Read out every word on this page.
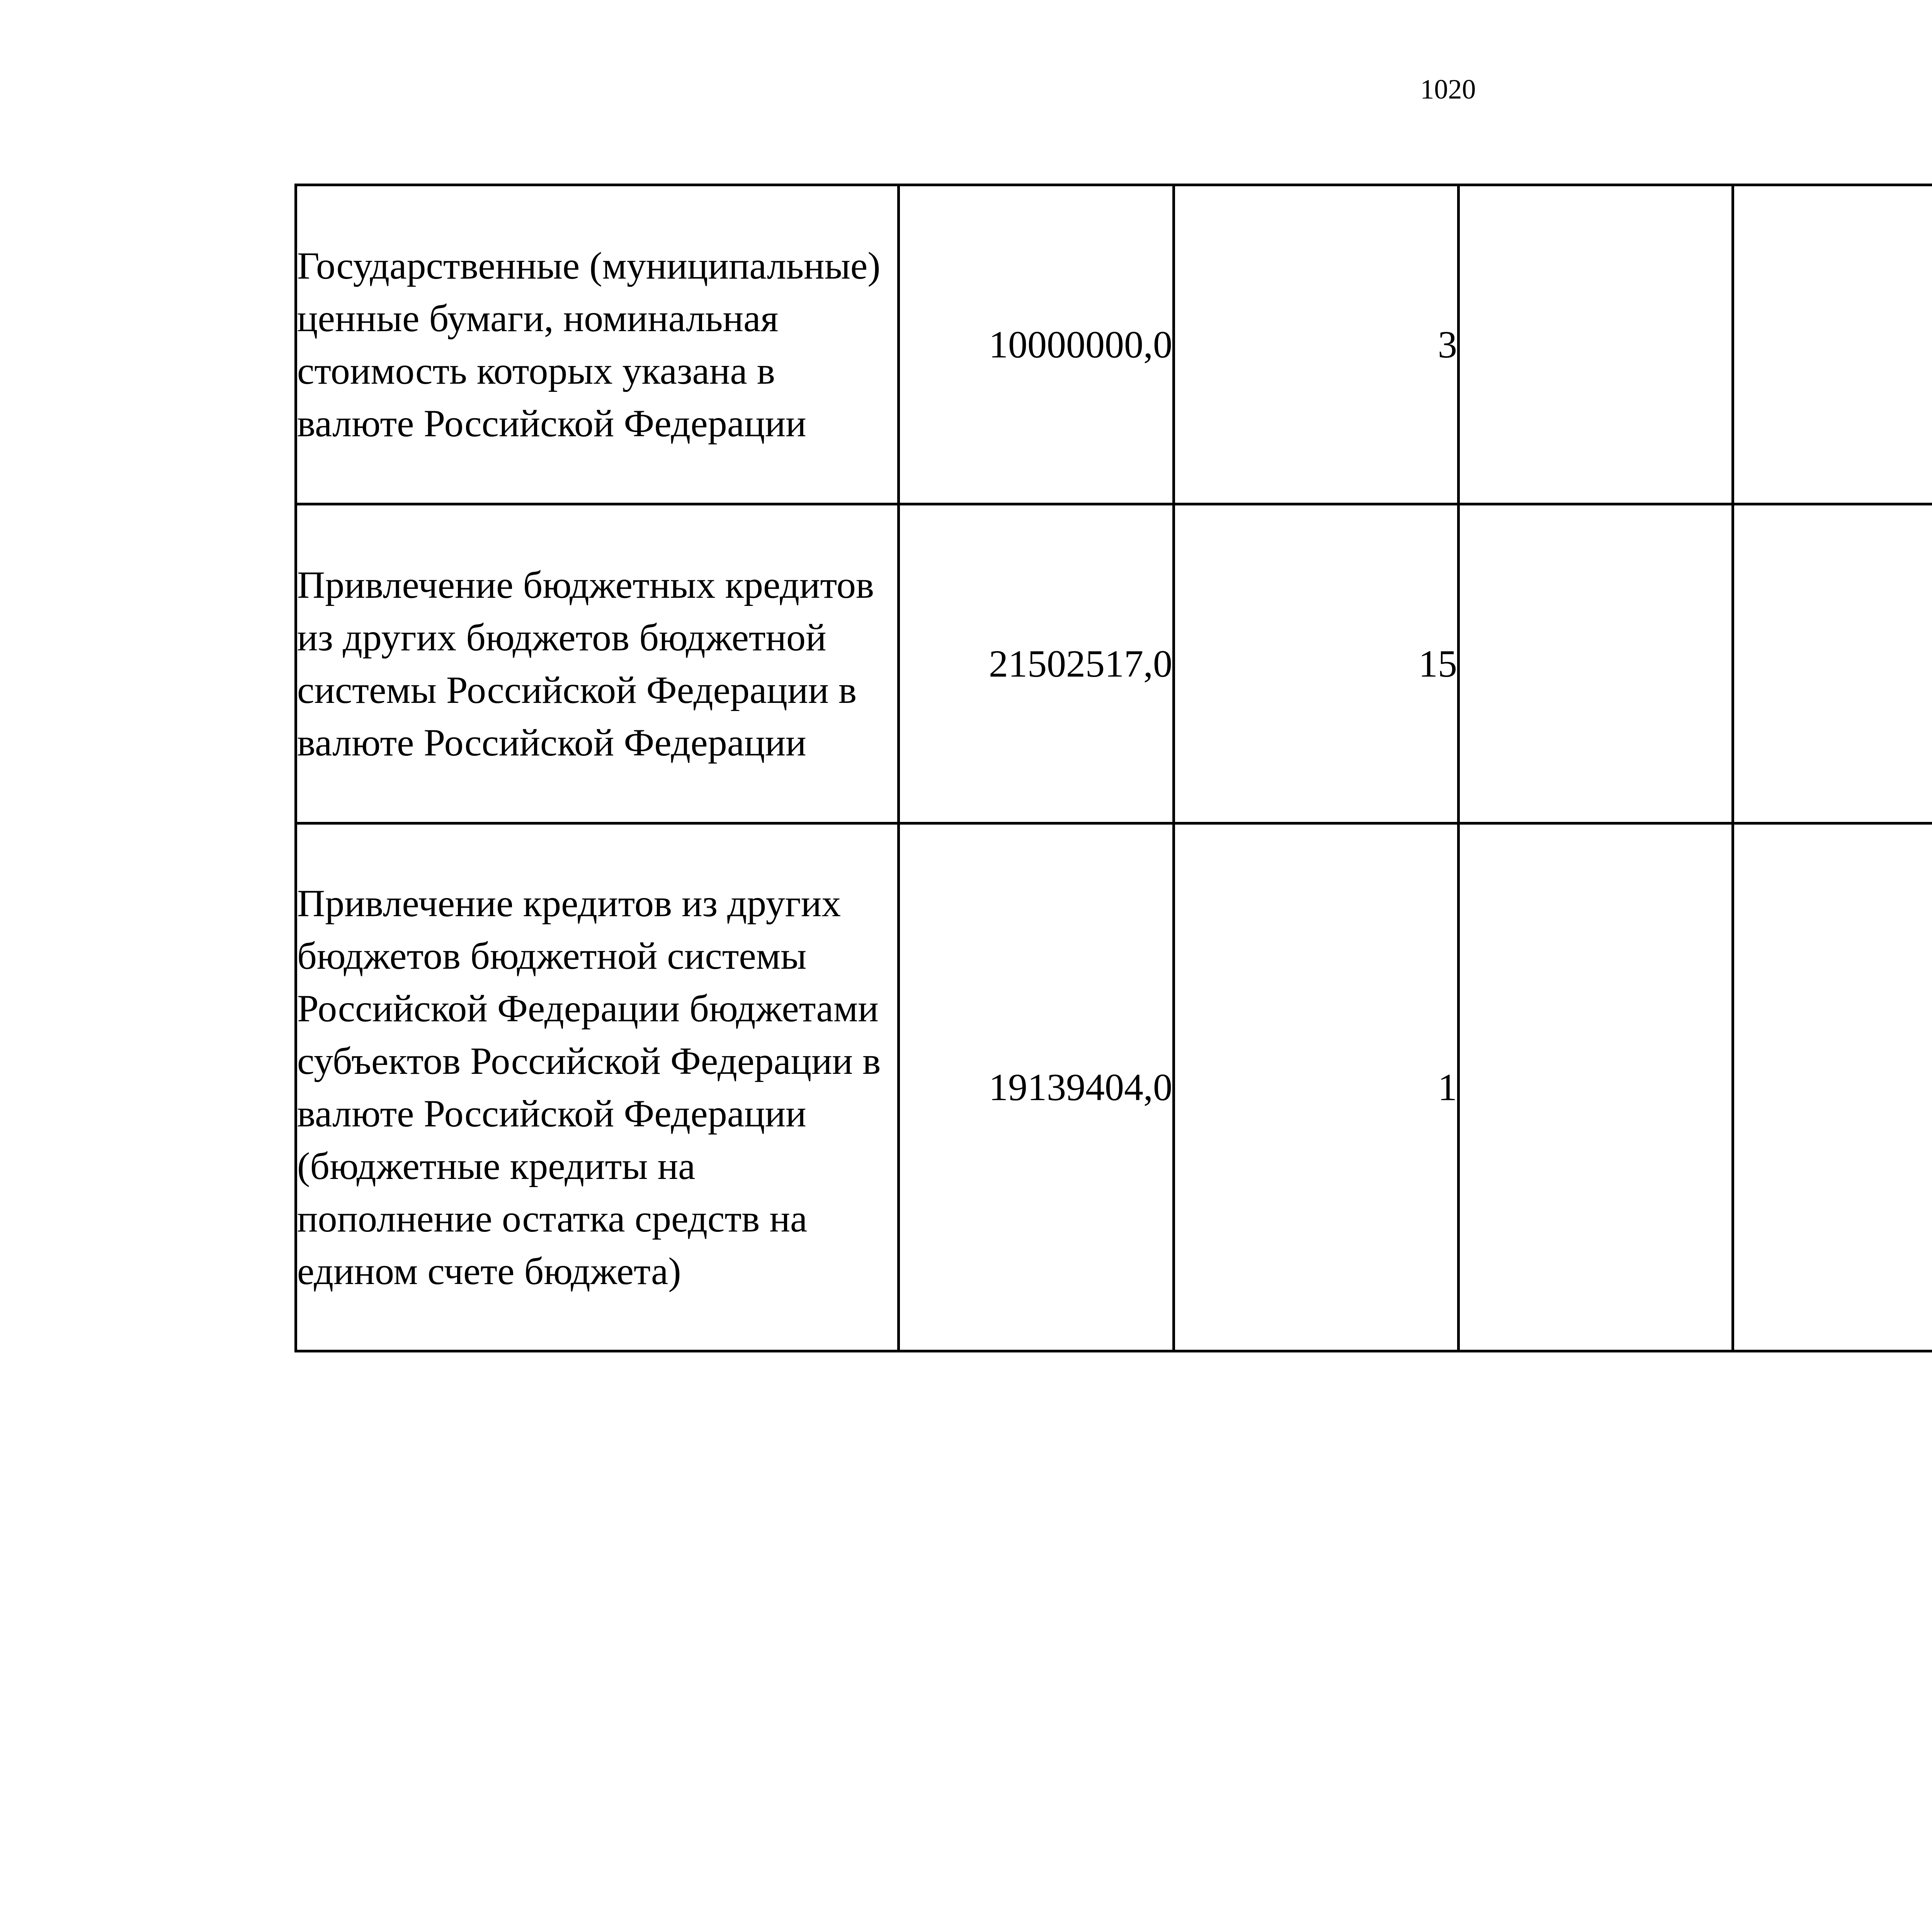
1020
Государственные (муниципальные) ценные бумаги, номинальная стоимость которых указана в валюте Российской Федерации	10000000,0	3				
Привлечение бюджетных кредитов из других бюджетов бюджетной системы Российской Федерации в валюте Российской Федерации	21502517,0	15				
Привлечение кредитов из других бюджетов бюджетной системы Российской Федерации бюджетами субъектов Российской Федерации в валюте Российской Федерации (бюджетные кредиты на пополнение остатка средств на едином счете бюджета)	19139404,0	1				
